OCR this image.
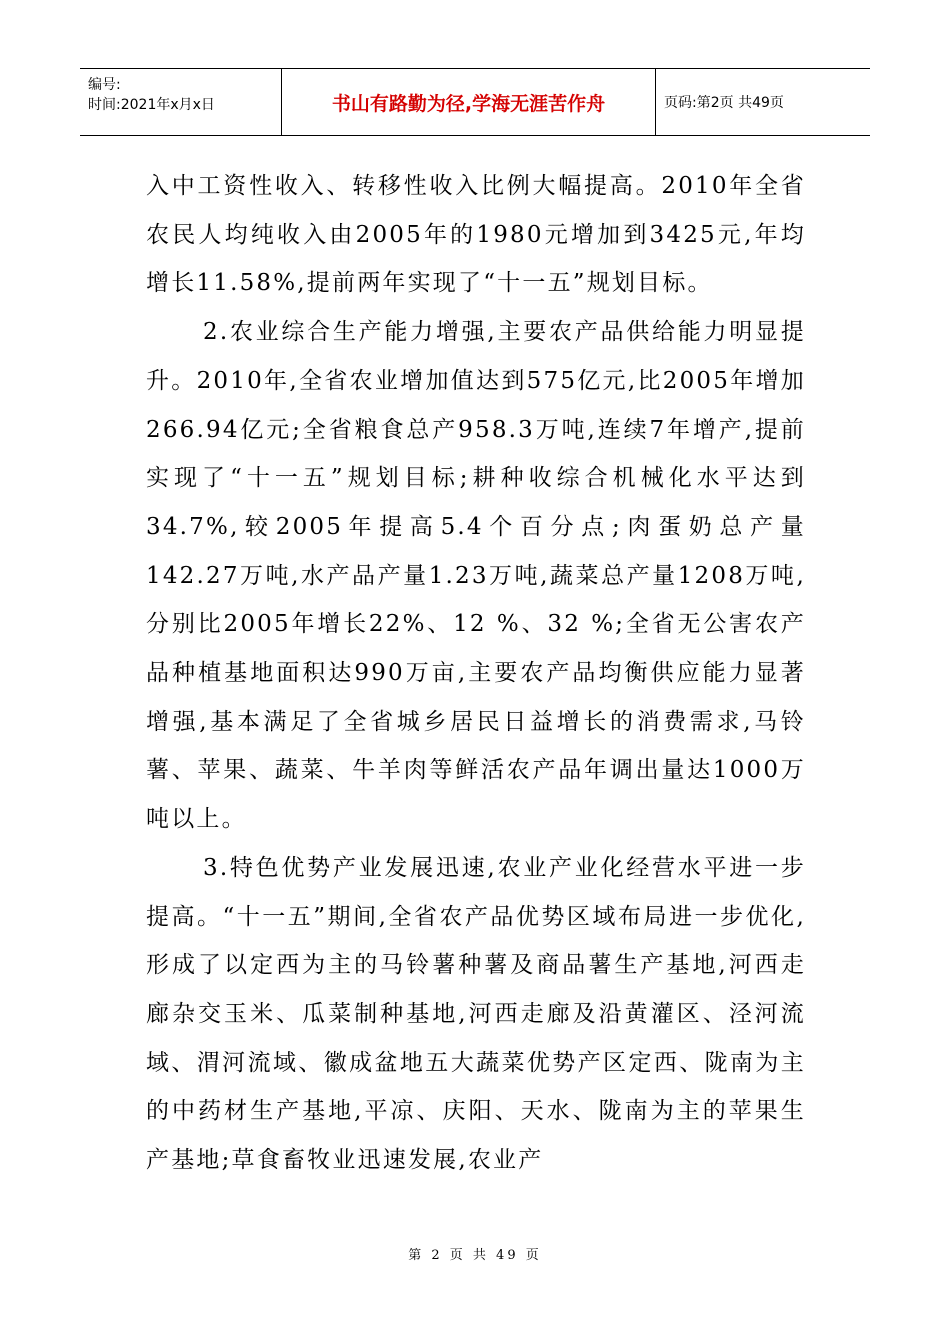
编号:
时间:2021年x月x日	书山有路勤为径,学海无涯苦作舟	页码:第2页 共49页

入中工资性收入、转移性收入比例大幅提高。2010年全省农民人均纯收入由2005年的1980元增加到3425元,年均增长11.58%,提前两年实现了“十一五”规划目标。

2.农业综合生产能力增强,主要农产品供给能力明显提升。2010年,全省农业增加值达到575亿元,比2005年增加266.94亿元;全省粮食总产958.3万吨,连续7年增产,提前实现了“十一五”规划目标;耕种收综合机械化水平达到34.7%,较2005年提高5.4个百分点;肉蛋奶总产量142.27万吨,水产品产量1.23万吨,蔬菜总产量1208万吨,分别比2005年增长22%、12 %、32 %;全省无公害农产品种植基地面积达990万亩,主要农产品均衡供应能力显著增强,基本满足了全省城乡居民日益增长的消费需求,马铃薯、苹果、蔬菜、牛羊肉等鲜活农产品年调出量达1000万吨以上。

3.特色优势产业发展迅速,农业产业化经营水平进一步提高。“十一五”期间,全省农产品优势区域布局进一步优化,形成了以定西为主的马铃薯种薯及商品薯生产基地,河西走廊杂交玉米、瓜菜制种基地,河西走廊及沿黄灌区、泾河流域、渭河流域、徽成盆地五大蔬菜优势产区定西、陇南为主的中药材生产基地,平凉、庆阳、天水、陇南为主的苹果生产基地;草食畜牧业迅速发展,农业产

第 2 页 共 49 页
